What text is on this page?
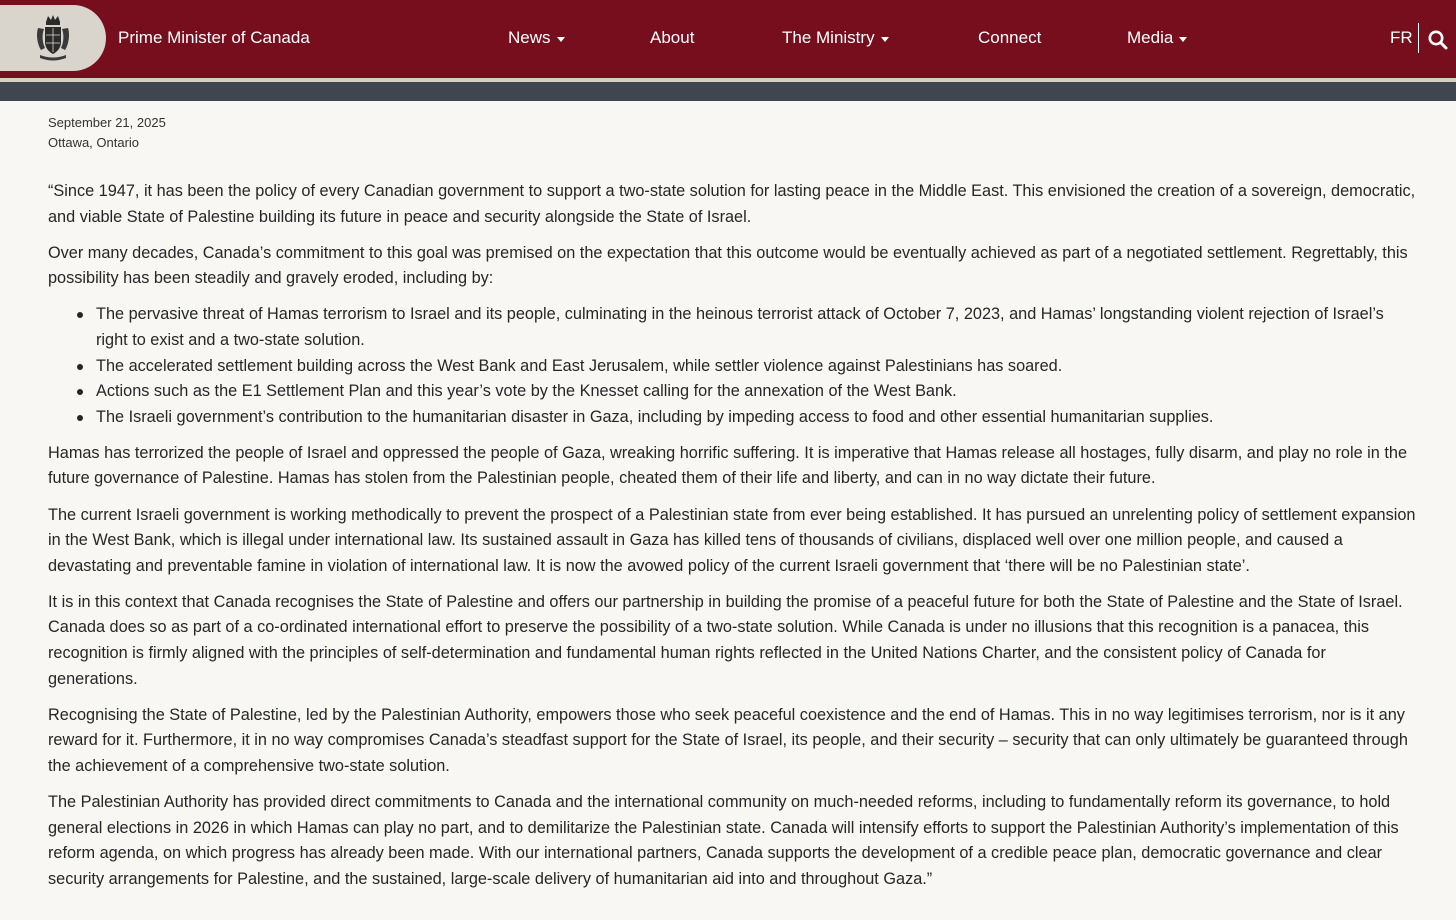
Prime Minister of Canada	News	About	The Ministry	Connect	Media	FR
September 21, 2025
Ottawa, Ontario

“Since 1947, it has been the policy of every Canadian government to support a two-state solution for lasting peace in the Middle East. This envisioned the creation of a sovereign, democratic, and viable State of Palestine building its future in peace and security alongside the State of Israel.

Over many decades, Canada’s commitment to this goal was premised on the expectation that this outcome would be eventually achieved as part of a negotiated settlement. Regrettably, this possibility has been steadily and gravely eroded, including by:

The pervasive threat of Hamas terrorism to Israel and its people, culminating in the heinous terrorist attack of October 7, 2023, and Hamas’ longstanding violent rejection of Israel’s right to exist and a two-state solution.
The accelerated settlement building across the West Bank and East Jerusalem, while settler violence against Palestinians has soared.
Actions such as the E1 Settlement Plan and this year’s vote by the Knesset calling for the annexation of the West Bank.
The Israeli government’s contribution to the humanitarian disaster in Gaza, including by impeding access to food and other essential humanitarian supplies.

Hamas has terrorized the people of Israel and oppressed the people of Gaza, wreaking horrific suffering. It is imperative that Hamas release all hostages, fully disarm, and play no role in the future governance of Palestine. Hamas has stolen from the Palestinian people, cheated them of their life and liberty, and can in no way dictate their future.

The current Israeli government is working methodically to prevent the prospect of a Palestinian state from ever being established. It has pursued an unrelenting policy of settlement expansion in the West Bank, which is illegal under international law. Its sustained assault in Gaza has killed tens of thousands of civilians, displaced well over one million people, and caused a devastating and preventable famine in violation of international law. It is now the avowed policy of the current Israeli government that ‘there will be no Palestinian state’.

It is in this context that Canada recognises the State of Palestine and offers our partnership in building the promise of a peaceful future for both the State of Palestine and the State of Israel. Canada does so as part of a co-ordinated international effort to preserve the possibility of a two-state solution. While Canada is under no illusions that this recognition is a panacea, this recognition is firmly aligned with the principles of self-determination and fundamental human rights reflected in the United Nations Charter, and the consistent policy of Canada for generations.

Recognising the State of Palestine, led by the Palestinian Authority, empowers those who seek peaceful coexistence and the end of Hamas. This in no way legitimises terrorism, nor is it any reward for it. Furthermore, it in no way compromises Canada’s steadfast support for the State of Israel, its people, and their security – security that can only ultimately be guaranteed through the achievement of a comprehensive two-state solution.

The Palestinian Authority has provided direct commitments to Canada and the international community on much-needed reforms, including to fundamentally reform its governance, to hold general elections in 2026 in which Hamas can play no part, and to demilitarize the Palestinian state. Canada will intensify efforts to support the Palestinian Authority’s implementation of this reform agenda, on which progress has already been made. With our international partners, Canada supports the development of a credible peace plan, democratic governance and clear security arrangements for Palestine, and the sustained, large-scale delivery of humanitarian aid into and throughout Gaza.”
